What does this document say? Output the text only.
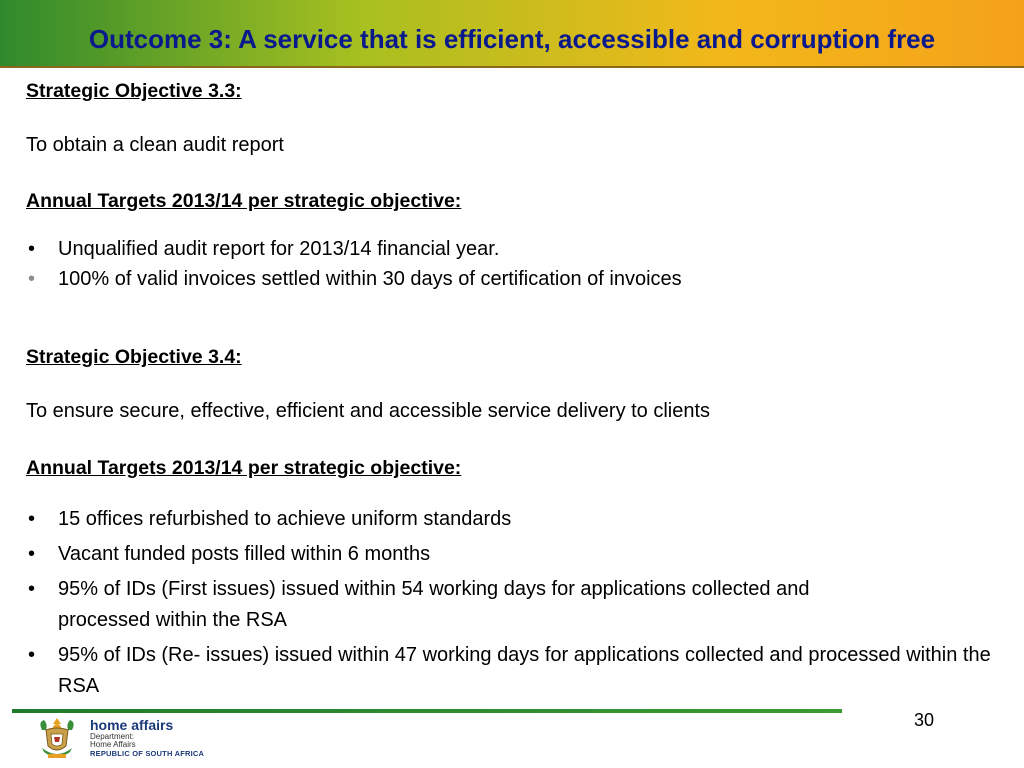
Outcome 3: A service that is efficient, accessible and corruption free

Strategic Objective 3.3:

To obtain a clean audit report

Annual Targets 2013/14 per strategic objective:

• Unqualified audit report for 2013/14 financial year.
• 100% of valid invoices settled within 30 days of certification of invoices

Strategic Objective 3.4:

To ensure secure, effective, efficient and accessible service delivery to clients

Annual Targets 2013/14 per strategic objective:

• 15 offices refurbished to achieve uniform standards
• Vacant funded posts filled within 6 months
• 95% of IDs (First issues) issued within 54 working days for applications collected and processed within the RSA
• 95% of IDs (Re- issues) issued within 47 working days for applications collected and processed within the RSA
30
home affairs
Department:
Home Affairs
REPUBLIC OF SOUTH AFRICA
